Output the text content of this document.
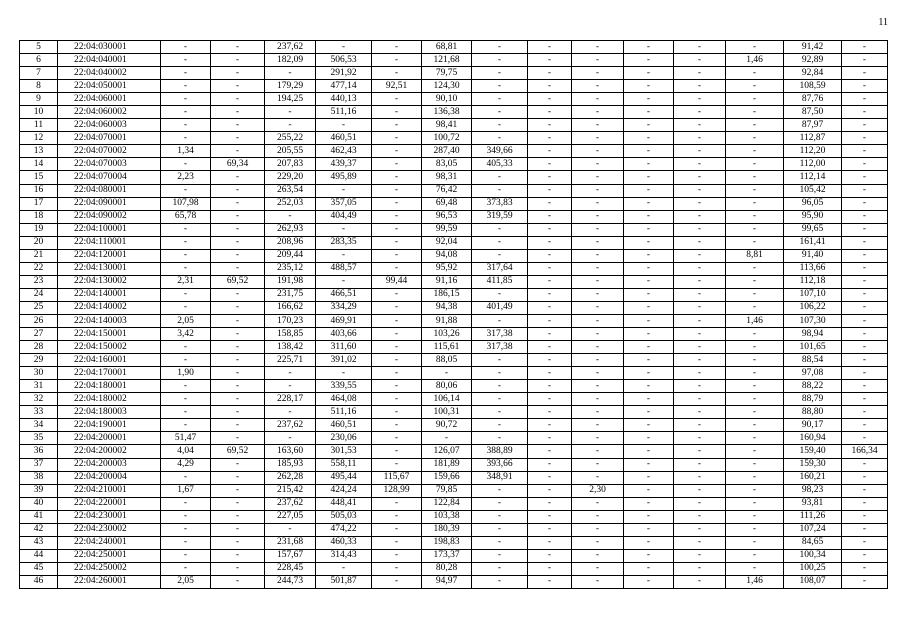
11
5	22:04:030001	-	-	237,62	-	-	68,81	-	-	-	-	-	-	91,42	-
6	22:04:040001	-	-	182,09	506,53	-	121,68	-	-	-	-	-	1,46	92,89	-
7	22:04:040002	-	-	-	291,92	-	79,75	-	-	-	-	-	-	92,84	-
8	22:04:050001	-	-	179,29	477,14	92,51	124,30	-	-	-	-	-	-	108,59	-
9	22:04:060001	-	-	194,25	440,13	-	90,10	-	-	-	-	-	-	87,76	-
10	22:04:060002	-	-	-	511,16	-	136,38	-	-	-	-	-	-	87,50	-
11	22:04:060003	-	-	-	-	-	98,41	-	-	-	-	-	-	87,97	-
12	22:04:070001	-	-	255,22	460,51	-	100,72	-	-	-	-	-	-	112,87	-
13	22:04:070002	1,34	-	205,55	462,43	-	287,40	349,66	-	-	-	-	-	112,20	-
14	22:04:070003	-	69,34	207,83	439,37	-	83,05	405,33	-	-	-	-	-	112,00	-
15	22:04:070004	2,23	-	229,20	495,89	-	98,31	-	-	-	-	-	-	112,14	-
16	22:04:080001	-	-	263,54	-	-	76,42	-	-	-	-	-	-	105,42	-
17	22:04:090001	107,98	-	252,03	357,05	-	69,48	373,83	-	-	-	-	-	96,05	-
18	22:04:090002	65,78	-	-	404,49	-	96,53	319,59	-	-	-	-	-	95,90	-
19	22:04:100001	-	-	262,93	-	-	99,59	-	-	-	-	-	-	99,65	-
20	22:04:110001	-	-	208,96	283,35	-	92,04	-	-	-	-	-	-	161,41	-
21	22:04:120001	-	-	209,44	-	-	94,08	-	-	-	-	-	8,81	91,40	-
22	22:04:130001	-	-	235,12	488,57	-	95,92	317,64	-	-	-	-	-	113,66	-
23	22:04:130002	2,31	69,52	191,98	-	99,44	91,16	411,85	-	-	-	-	-	112,18	-
24	22:04:140001	-	-	231,75	466,51	-	186,15	-	-	-	-	-	-	107,10	-
25	22:04:140002	-	-	166,62	334,29	-	94,38	401,49	-	-	-	-	-	106,22	-
26	22:04:140003	2,05	-	170,23	469,91	-	91,88	-	-	-	-	-	1,46	107,30	-
27	22:04:150001	3,42	-	158,85	403,66	-	103,26	317,38	-	-	-	-	-	98,94	-
28	22:04:150002	-	-	138,42	311,60	-	115,61	317,38	-	-	-	-	-	101,65	-
29	22:04:160001	-	-	225,71	391,02	-	88,05	-	-	-	-	-	-	88,54	-
30	22:04:170001	1,90	-	-	-	-	-	-	-	-	-	-	-	97,08	-
31	22:04:180001	-	-	-	339,55	-	80,06	-	-	-	-	-	-	88,22	-
32	22:04:180002	-	-	228,17	464,08	-	106,14	-	-	-	-	-	-	88,79	-
33	22:04:180003	-	-	-	511,16	-	100,31	-	-	-	-	-	-	88,80	-
34	22:04:190001	-	-	237,62	460,51	-	90,72	-	-	-	-	-	-	90,17	-
35	22:04:200001	51,47	-	-	230,06	-	-	-	-	-	-	-	-	160,94	-
36	22:04:200002	4,04	69,52	163,60	301,53	-	126,07	388,89	-	-	-	-	-	159,40	166,34
37	22:04:200003	4,29	-	185,93	558,11	-	181,89	393,66	-	-	-	-	-	159,30	-
38	22:04:200004	-	-	262,28	495,44	115,67	159,66	348,91	-	-	-	-	-	160,21	-
39	22:04:210001	1,67	-	215,42	424,24	128,99	79,85	-	-	2,30	-	-	-	98,23	-
40	22:04:220001	-	-	237,62	448,41	-	122,84	-	-	-	-	-	-	93,81	-
41	22:04:230001	-	-	227,05	505,03	-	103,38	-	-	-	-	-	-	111,26	-
42	22:04:230002	-	-	-	474,22	-	180,39	-	-	-	-	-	-	107,24	-
43	22:04:240001	-	-	231,68	460,33	-	198,83	-	-	-	-	-	-	84,65	-
44	22:04:250001	-	-	157,67	314,43	-	173,37	-	-	-	-	-	-	100,34	-
45	22:04:250002	-	-	228,45	-	-	80,28	-	-	-	-	-	-	100,25	-
46	22:04:260001	2,05	-	244,73	501,87	-	94,97	-	-	-	-	-	1,46	108,07	-
